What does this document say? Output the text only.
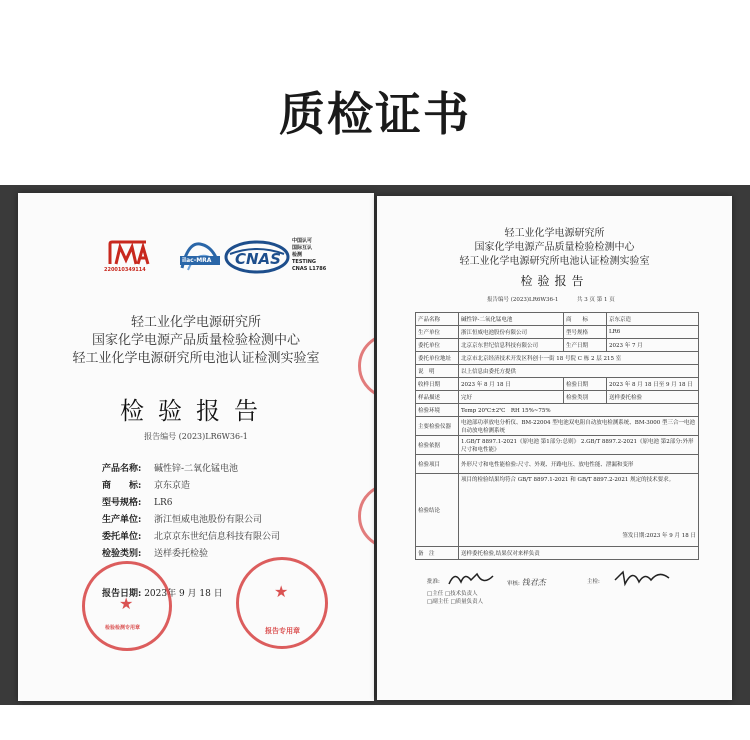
质检证书
220010349114
ilac-MRA CNAS
中国认可
国际互认
检测
TESTING
CNAS L1786
轻工业化学电源研究所
国家化学电源产品质量检验检测中心
轻工业化学电源研究所电池认证检测实验室
检验报告
报告编号 (2023)LR6W36-1
产品名称: 碱性锌-二氧化锰电池
商　　标: 京东京造
型号规格: LR6
生产单位: 浙江恒威电池股份有限公司
委托单位: 北京京东世纪信息科技有限公司
检验类别: 送样委托检验
报告日期: 2023年 9 月 18 日
★
检验检测专用章
★
报告专用章
轻工业化学电源研究所
国家化学电源产品质量检验检测中心
轻工业化学电源研究所电池认证检测实验室
检验报告
报告编号 (2023)LR6W36-1	共 3 页 第 1 页
产品名称	碱性锌-二氧化锰电池	商　　标	京东京造
生产单位	浙江恒威电池股份有限公司	型号规格	LR6
委托单位	北京京东世纪信息科技有限公司	生产日期	2023 年 7 月
委托单位地址	北京市北京经济技术开发区科创十一街 18 号院 C 栋 2 层 215 室		
说　明	以上信息由委托方提供		
收样日期	2023 年 8 月 18 日	检验日期	2023 年 8 月 18 日至 9 月 18 日
样品描述	完好	检验类别	送样委托检验
检验环境	Temp 20℃±2℃　RH 15%~75%		
主要检验仪器	电池部功率放电分析仪、BM-22004 型电池双电阻自动放电检测系统、BM-3000 型三合一电池自动放电检测系统		
检验依据	1.GB/T 8897.1-2021《原电池 第1部分:总则》 2.GB/T 8897.2-2021《原电池 第2部分:外形尺寸和电性能》		
检验项目	外形尺寸和电性能检验:尺寸、外观、开路电压、放电性能、泄漏和变形		
检验结论	项目的检验结果均符合 GB/T 8897.1-2021 和 GB/T 8897.2-2021 规定的技术要求。
签发日期:2023 年 9 月 18 日		

备　注	送样委托检验,结果仅对来样负责		
批准:
□主任 □技术负责人
□副主任 □质量负责人
审核: 钱君杰	主检:
